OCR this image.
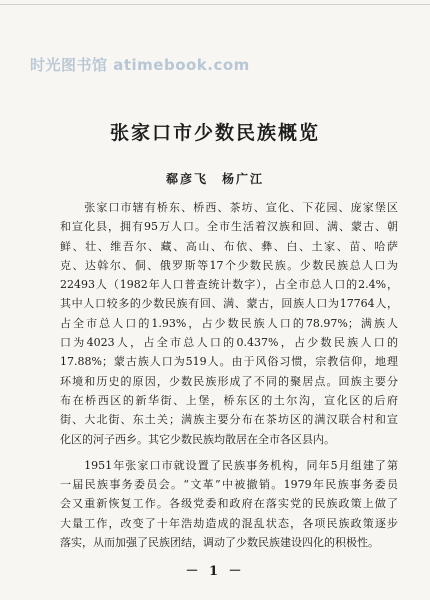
时光图书馆 atimebook.com
张家口市少数民族概览
郗彦飞　杨广江
　　张家口市辖有桥东、桥西、茶坊、宣化、下花园、庞家堡区
和宣化县，拥有95万人口。全市生活着汉族和回、满、蒙古、朝
鲜、壮、维吾尔、藏、高山、布依、彝、白、土家、苗、哈萨
克、达斡尔、侗、俄罗斯等17个少数民族。少数民族总人口为
22493人（1982年人口普查统计数字），占全市总人口的2.4%，
其中人口较多的少数民族有回、满、蒙古，回族人口为17764人，
占全市总人口的1.93%，占少数民族人口的78.97%；满族人
口为4023人，占全市总人口的0.437%，占少数民族人口的
17.88%；蒙古族人口为519人。由于风俗习惯，宗教信仰，地理
环境和历史的原因，少数民族形成了不同的聚居点。回族主要分
布在桥西区的新华街、上堡，桥东区的土尔沟，宣化区的后府
街、大北街、东土关；满族主要分布在茶坊区的满汉联合村和宣
化区的河子西乡。其它少数民族均散居在全市各区县内。
　　1951年张家口市就设置了民族事务机构，同年5月组建了第
一届民族事务委员会。“文革”中被撤销。1979年民族事务委员
会又重新恢复工作。各级党委和政府在落实党的民族政策上做了
大量工作，改变了十年浩劫造成的混乱状态，各项民族政策逐步
落实，从而加强了民族团结，调动了少数民族建设四化的积极性。
－ 1 －
